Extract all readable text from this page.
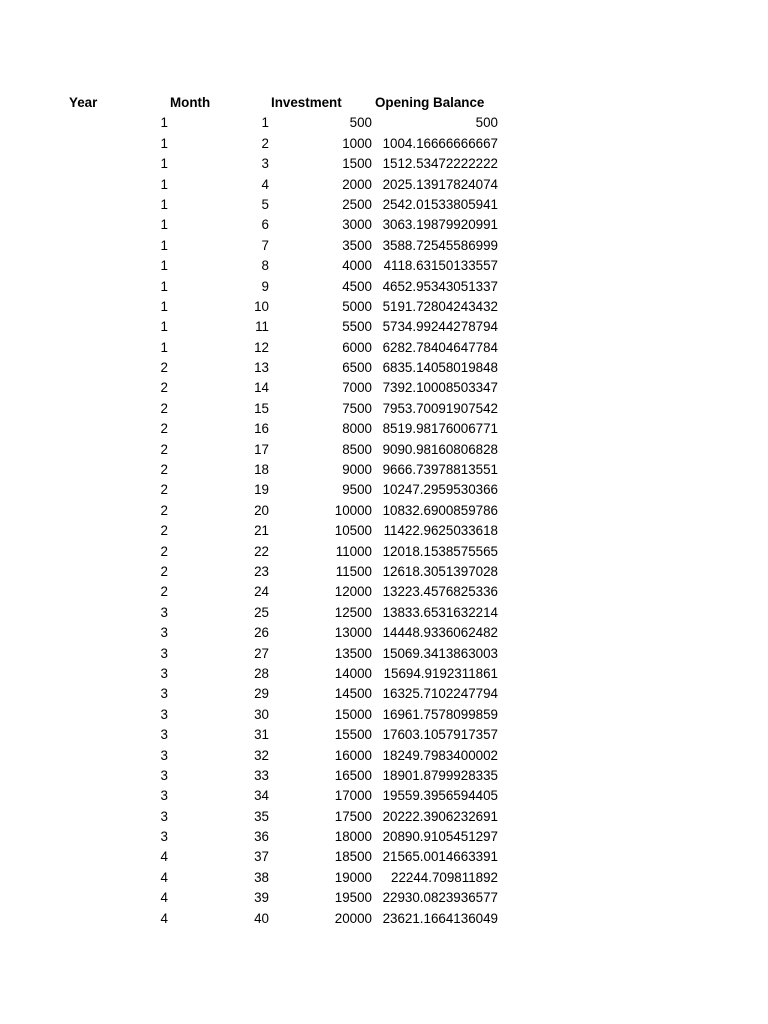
Year	Month	Investment Opening Balance
1	1	500	500
1	2	1000 1004.16666666667
1	3	1500 1512.53472222222
1	4	2000 2025.13917824074
1	5	2500 2542.01533805941
1	6	3000 3063.19879920991
1	7	3500 3588.72545586999
1	8	4000 4118.63150133557
1	9	4500 4652.95343051337
1	10	5000 5191.72804243432
1	11	5500 5734.99244278794
1	12	6000 6282.78404647784
2	13	6500 6835.14058019848
2	14	7000 7392.10008503347
2	15	7500 7953.70091907542
2	16	8000 8519.98176006771
2	17	8500 9090.98160806828
2	18	9000 9666.73978813551
2	19	9500 10247.2959530366
2	20	10000 10832.6900859786
2	21	10500 11422.9625033618
2	22	11000 12018.1538575565
2	23	11500 12618.3051397028
2	24	12000 13223.4576825336
3	25	12500 13833.6531632214
3	26	13000 14448.9336062482
3	27	13500 15069.3413863003
3	28	14000 15694.9192311861
3	29	14500 16325.7102247794
3	30	15000 16961.7578099859
3	31	15500 17603.1057917357
3	32	16000 18249.7983400002
3	33	16500 18901.8799928335
3	34	17000 19559.3956594405
3	35	17500 20222.3906232691
3	36	18000 20890.9105451297
4	37	18500 21565.0014663391
4	38	19000 22244.709811892
4	39	19500 22930.0823936577
4	40	20000 23621.1664136049
